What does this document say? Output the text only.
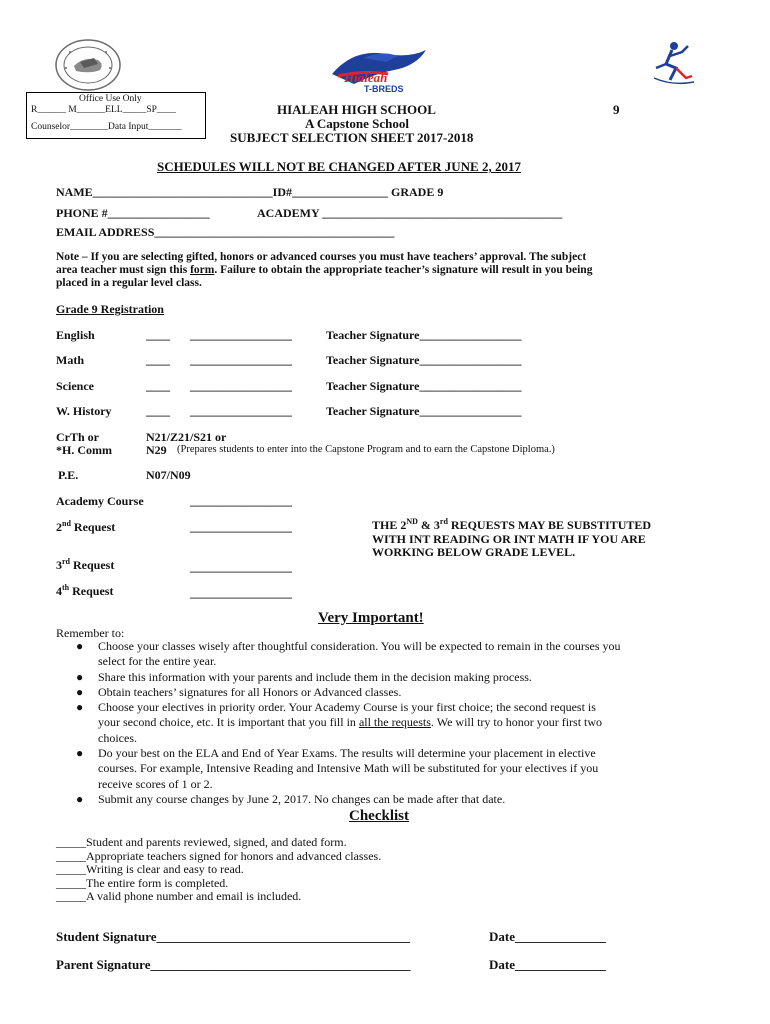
Hialeah
T-BREDS
Office Use Only
R______ M______ELL_____SP____
Counselor________Data Input_______
HIALEAH HIGH SCHOOL	9
A Capstone School
SUBJECT SELECTION SHEET 2017-2018
SCHEDULES WILL NOT BE CHANGED AFTER JUNE 2, 2017
NAME______________________________ID#________________ GRADE 9
PHONE #_________________	ACADEMY ________________________________________
EMAIL ADDRESS________________________________________
Note – If you are selecting gifted, honors or advanced courses you must have teachers’ approval. The subject
area teacher must sign this form. Failure to obtain the appropriate teacher’s signature will result in you being
placed in a regular level class.
Grade 9 Registration
English	____ _________________	Teacher Signature_________________
Math	____ _________________	Teacher Signature_________________
Science	____ _________________	Teacher Signature_________________
W. History	____ _________________	Teacher Signature_________________
CrTh or	N21/Z21/S21 or
*H. Comm	N29 (Prepares students to enter into the Capstone Program and to earn the Capstone Diploma.)
P.E.	N07/N09
Academy Course	_________________
2nd Request	_________________
3rd Request	_________________
4th Request	_________________
THE 2ND & 3rd REQUESTS MAY BE SUBSTITUTED
WITH INT READING OR INT MATH IF YOU ARE
WORKING BELOW GRADE LEVEL.
Very Important!
Remember to:
● Choose your classes wisely after thoughtful consideration. You will be expected to remain in the courses you
select for the entire year.
● Share this information with your parents and include them in the decision making process.
● Obtain teachers’ signatures for all Honors or Advanced classes.
● Choose your electives in priority order. Your Academy Course is your first choice; the second request is
your second choice, etc. It is important that you fill in all the requests. We will try to honor your first two
choices.
● Do your best on the ELA and End of Year Exams. The results will determine your placement in elective
courses. For example, Intensive Reading and Intensive Math will be substituted for your electives if you
receive scores of 1 or 2.
● Submit any course changes by June 2, 2017. No changes can be made after that date.
Checklist
_____Student and parents reviewed, signed, and dated form.
_____Appropriate teachers signed for honors and advanced classes.
_____Writing is clear and easy to read.
_____The entire form is completed.
_____A valid phone number and email is included.
Student Signature_______________________________________	Date______________
Parent Signature________________________________________	Date______________
